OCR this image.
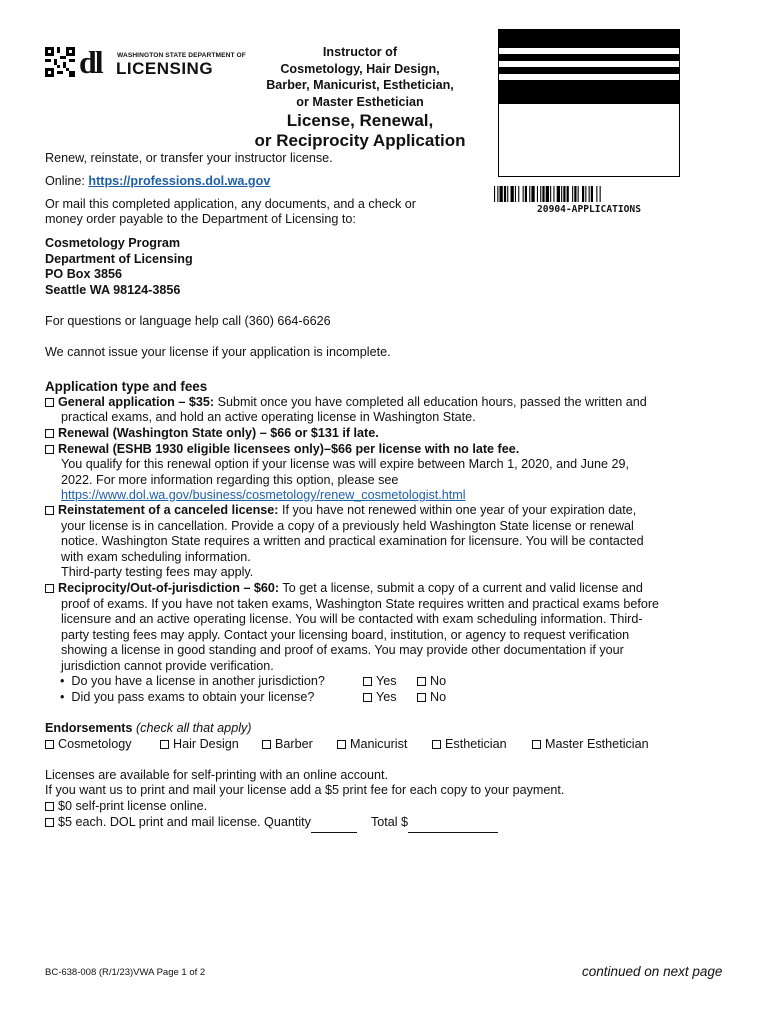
dl WASHINGTON STATE DEPARTMENT OF
LICENSING
Instructor of
Cosmetology, Hair Design,
Barber, Manicurist, Esthetician,
or Master Esthetician
License, Renewal,
or Reciprocity Application
20904-APPLICATIONS
Renew, reinstate, or transfer your instructor license.
Online: https://professions.dol.wa.gov
Or mail this completed application, any documents, and a check or
money order payable to the Department of Licensing to:
Cosmetology Program
Department of Licensing
PO Box 3856
Seattle WA 98124-3856
For questions or language help call (360) 664-6626
We cannot issue your license if your application is incomplete.
Application type and fees
General application – $35: Submit once you have completed all education hours, passed the written and
practical exams, and hold an active operating license in Washington State.
Renewal (Washington State only) – $66 or $131 if late.
Renewal (ESHB 1930 eligible licensees only)–$66 per license with no late fee.
You qualify for this renewal option if your license was will expire between March 1, 2020, and June 29,
2022. For more information regarding this option, please see
https://www.dol.wa.gov/business/cosmetology/renew_cosmetologist.html
Reinstatement of a canceled license: If you have not renewed within one year of your expiration date,
your license is in cancellation. Provide a copy of a previously held Washington State license or renewal
notice. Washington State requires a written and practical examination for licensure. You will be contacted
with exam scheduling information.
Third-party testing fees may apply.
Reciprocity/Out-of-jurisdiction – $60: To get a license, submit a copy of a current and valid license and
proof of exams. If you have not taken exams, Washington State requires written and practical exams before
licensure and an active operating license. You will be contacted with exam scheduling information. Third-
party testing fees may apply. Contact your licensing board, institution, or agency to request verification
showing a license in good standing and proof of exams. You may provide other documentation if your
jurisdiction cannot provide verification.
•  Do you have a license in another jurisdiction?	Yes	No
•  Did you pass exams to obtain your license?	Yes	No
Endorsements (check all that apply)
Cosmetology	Hair Design	Barber	Manicurist	Esthetician	Master Esthetician
Licenses are available for self-printing with an online account.
If you want us to print and mail your license add a $5 print fee for each copy to your payment.
$0 self-print license online.
$5 each. DOL print and mail license. Quantity	Total $
BC-638-008 (R/1/23)VWA Page 1 of 2	continued on next page
